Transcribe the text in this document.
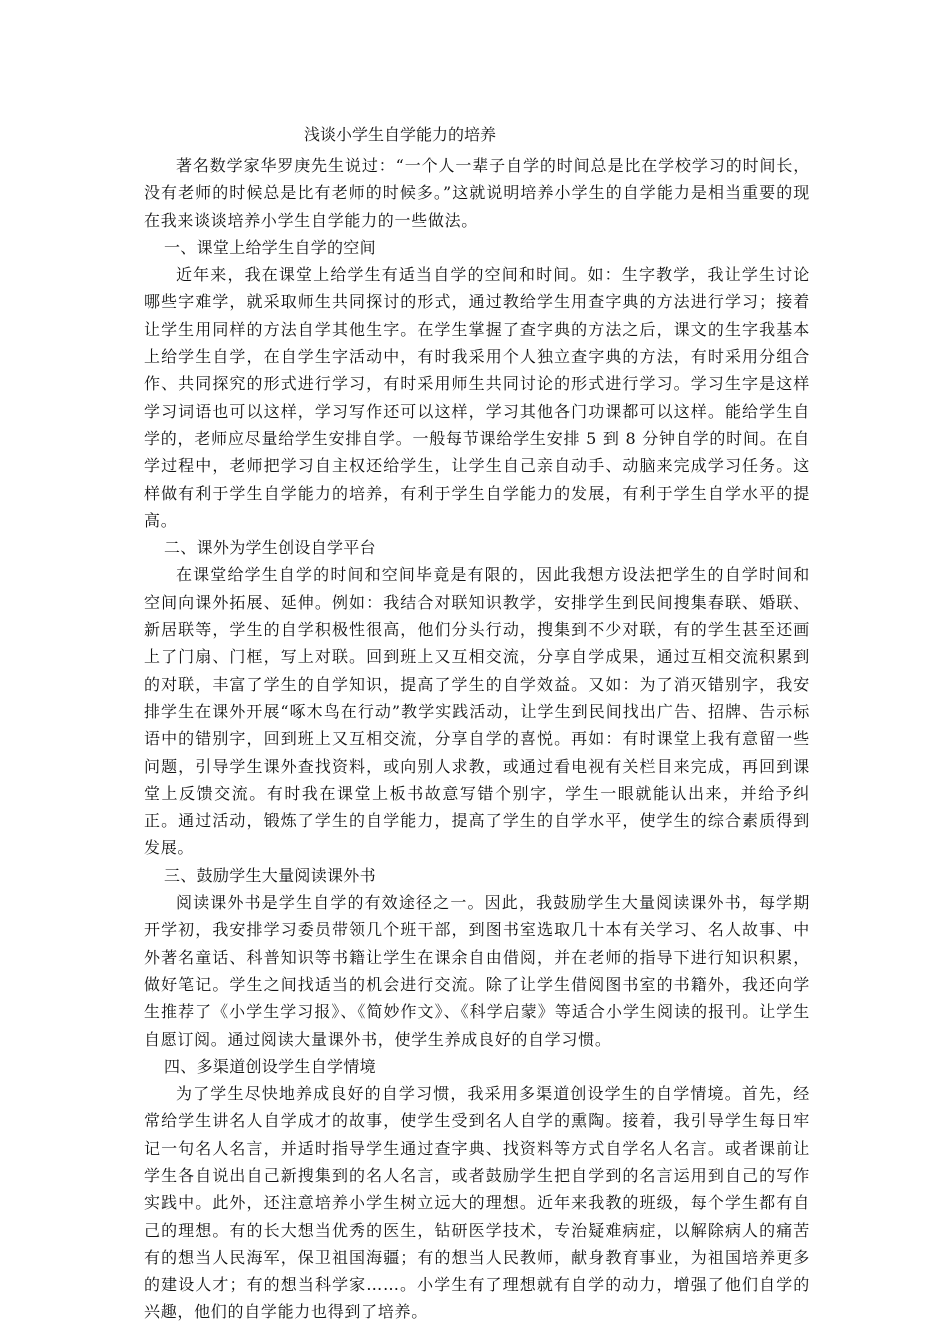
浅谈小学生自学能力的培养

著名数学家华罗庚先生说过：“一个人一辈子自学的时间总是比在学校学习的时间长，没有老师的时候总是比有老师的时候多。”这就说明培养小学生的自学能力是相当重要的现在我来谈谈培养小学生自学能力的一些做法。

一、课堂上给学生自学的空间

近年来，我在课堂上给学生有适当自学的空间和时间。如：生字教学，我让学生讨论哪些字难学，就采取师生共同探讨的形式，通过教给学生用查字典的方法进行学习；接着让学生用同样的方法自学其他生字。在学生掌握了查字典的方法之后，课文的生字我基本上给学生自学，在自学生字活动中，有时我采用个人独立查字典的方法，有时采用分组合作、共同探究的形式进行学习，有时采用师生共同讨论的形式进行学习。学习生字是这样学习词语也可以这样，学习写作还可以这样，学习其他各门功课都可以这样。能给学生自学的，老师应尽量给学生安排自学。一般每节课给学生安排 5 到 8 分钟自学的时间。在自学过程中，老师把学习自主权还给学生，让学生自己亲自动手、动脑来完成学习任务。这样做有利于学生自学能力的培养，有利于学生自学能力的发展，有利于学生自学水平的提高。

二、课外为学生创设自学平台

在课堂给学生自学的时间和空间毕竟是有限的，因此我想方设法把学生的自学时间和空间向课外拓展、延伸。例如：我结合对联知识教学，安排学生到民间搜集春联、婚联、新居联等，学生的自学积极性很高，他们分头行动，搜集到不少对联，有的学生甚至还画上了门扇、门框，写上对联。回到班上又互相交流，分享自学成果，通过互相交流积累到的对联，丰富了学生的自学知识，提高了学生的自学效益。又如：为了消灭错别字，我安排学生在课外开展“啄木鸟在行动”教学实践活动，让学生到民间找出广告、招牌、告示标语中的错别字，回到班上又互相交流，分享自学的喜悦。再如：有时课堂上我有意留一些问题，引导学生课外查找资料，或向别人求教，或通过看电视有关栏目来完成，再回到课堂上反馈交流。有时我在课堂上板书故意写错个别字，学生一眼就能认出来，并给予纠正。通过活动，锻炼了学生的自学能力，提高了学生的自学水平，使学生的综合素质得到发展。

三、鼓励学生大量阅读课外书

阅读课外书是学生自学的有效途径之一。因此，我鼓励学生大量阅读课外书，每学期开学初，我安排学习委员带领几个班干部，到图书室选取几十本有关学习、名人故事、中外著名童话、科普知识等书籍让学生在课余自由借阅，并在老师的指导下进行知识积累，做好笔记。学生之间找适当的机会进行交流。除了让学生借阅图书室的书籍外，我还向学生推荐了《小学生学习报》、《简妙作文》、《科学启蒙》等适合小学生阅读的报刊。让学生自愿订阅。通过阅读大量课外书，使学生养成良好的自学习惯。

四、多渠道创设学生自学情境

为了学生尽快地养成良好的自学习惯，我采用多渠道创设学生的自学情境。首先，经常给学生讲名人自学成才的故事，使学生受到名人自学的熏陶。接着，我引导学生每日牢记一句名人名言，并适时指导学生通过查字典、找资料等方式自学名人名言。或者课前让学生各自说出自己新搜集到的名人名言，或者鼓励学生把自学到的名言运用到自己的写作实践中。此外，还注意培养小学生树立远大的理想。近年来我教的班级，每个学生都有自己的理想。有的长大想当优秀的医生，钻研医学技术，专治疑难病症，以解除病人的痛苦有的想当人民海军，保卫祖国海疆；有的想当人民教师，献身教育事业，为祖国培养更多的建设人才；有的想当科学家……。小学生有了理想就有自学的动力，增强了他们自学的兴趣，他们的自学能力也得到了培养。
